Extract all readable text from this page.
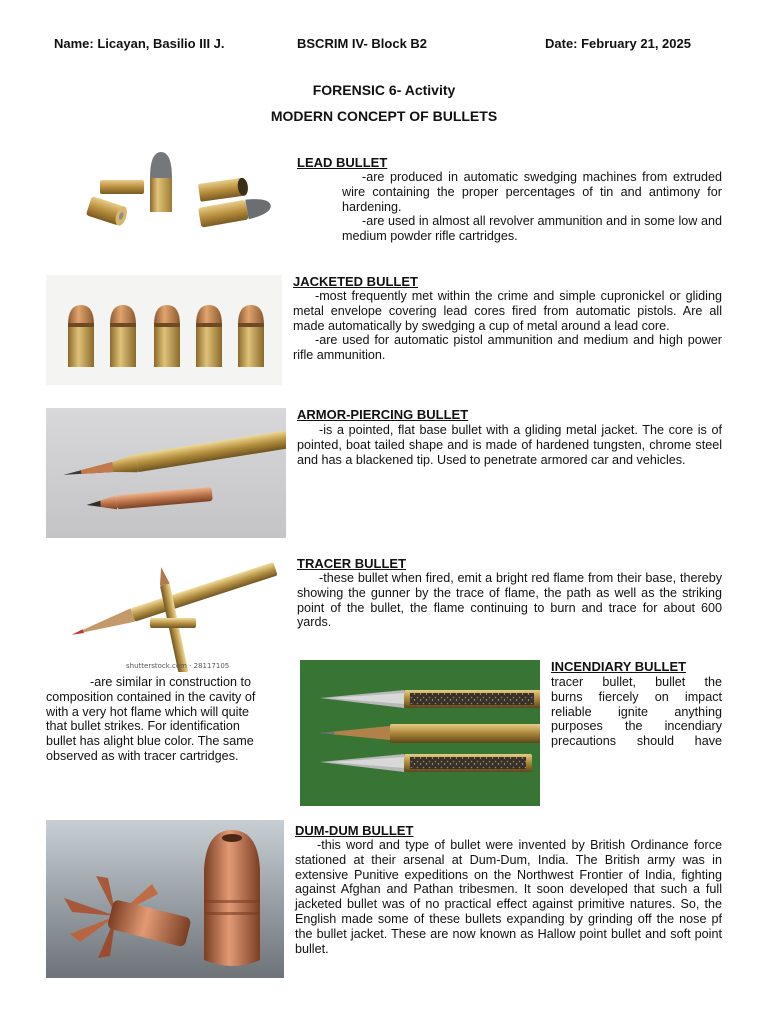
Name: Licayan, Basilio III J.	BSCRIM IV- Block B2	Date: February 21, 2025
FORENSIC 6- Activity
MODERN CONCEPT OF BULLETS
LEAD BULLET

-are produced in automatic swedging machines from extruded wire containing the proper percentages of tin and antimony for hardening.

-are used in almost all revolver ammunition and in some low and medium powder rifle cartridges.

JACKETED BULLET

-most frequently met within the crime and simple cupronickel or gliding metal envelope covering lead cores fired from automatic pistols. Are all made automatically by swedging a cup of metal around a lead core.

-are used for automatic pistol ammunition and medium and high power rifle ammunition.

ARMOR-PIERCING BULLET

-is a pointed, flat base bullet with a gliding metal jacket. The core is of pointed, boat tailed shape and is made of hardened tungsten, chrome steel and has a blackened tip. Used to penetrate armored car and vehicles.

shutterstock.com · 28117105
TRACER BULLET

-these bullet when fired, emit a bright red flame from their base, thereby showing the gunner by the trace of flame, the path as well as the striking point of the bullet, the flame continuing to burn and trace for about 600 yards.

INCENDIARY BULLET
-are similar in construction to
composition contained in the cavity of
with a very hot flame which will quite
that bullet strikes. For identification
bullet has alight blue color. The same
observed as with tracer cartridges.
tracer bullet, bullet the
burns fiercely on impact
reliable ignite anything
purposes the incendiary
precautions should have
DUM-DUM BULLET

-this word and type of bullet were invented by British Ordinance force stationed at their arsenal at Dum-Dum, India. The British army was in extensive Punitive expeditions on the Northwest Frontier of India, fighting against Afghan and Pathan tribesmen. It soon developed that such a full jacketed bullet was of no practical effect against primitive natures. So, the English made some of these bullets expanding by grinding off the nose pf the bullet jacket. These are now known as Hallow point bullet and soft point bullet.
